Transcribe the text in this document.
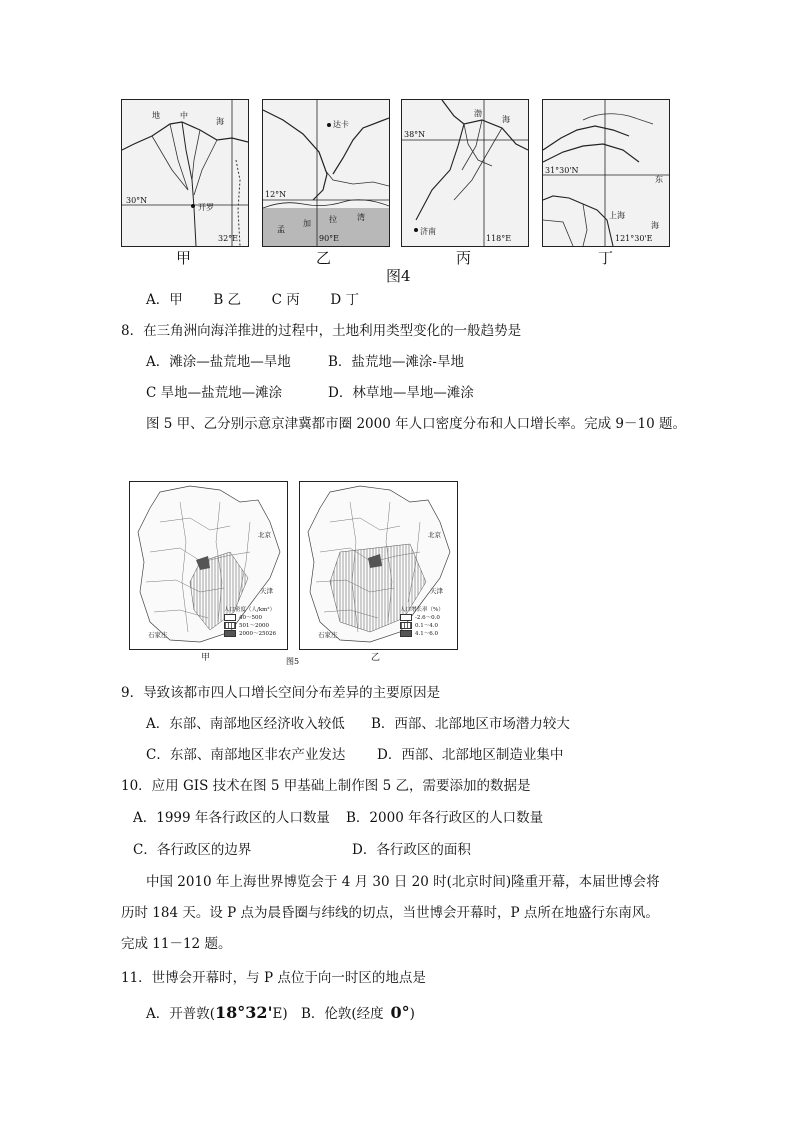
地	中
海
30°N
开罗
32°E
达卡
12°N
孟
加 拉	湾
90°E
渤
海
38°N
济南
118°E
31°30'N
东
上海
海
121°30'E
甲	乙	丙	丁
图4
A．甲 B 乙 C 丙 D 丁
8．在三角洲向海洋推进的过程中，土地利用类型变化的一般趋势是
A．滩涂—盐荒地—旱地	B．盐荒地—滩涂-旱地
C 旱地—盐荒地—滩涂	D．林草地—旱地—滩涂
图 5 甲、乙分别示意京津冀都市圈 2000 年人口密度分布和人口增长率。完成 9－10 题。
北京
天津
石家庄
人口密度（人/km²）
40～500
501～2000
2000～25026
北京
天津
石家庄
人口增长率（%）
-2.6～0.0
0.1～4.0
4.1～6.0
甲	图5	乙
9．导致该都市四人口增长空间分布差异的主要原因是
A．东部、南部地区经济收入较低 B．西部、北部地区市场潜力较大
C．东部、南部地区非农产业发达 D．西部、北部地区制造业集中
10．应用 GIS 技术在图 5 甲基础上制作图 5 乙，需要添加的数据是
A．1999 年各行政区的人口数量 B．2000 年各行政区的人口数量
C．各行政区的边界	D．各行政区的面积
中国 2010 年上海世界博览会于 4 月 30 日 20 时(北京时间)隆重开幕，本届世博会将
历时 184 天。设 P 点为晨昏圈与纬线的切点，当世博会开幕时，P 点所在地盛行东南风。
完成 11－12 题。
11．世博会开幕时，与 P 点位于向一时区的地点是
A．开普敦(18°32'E) B．伦敦(经度  0°)
